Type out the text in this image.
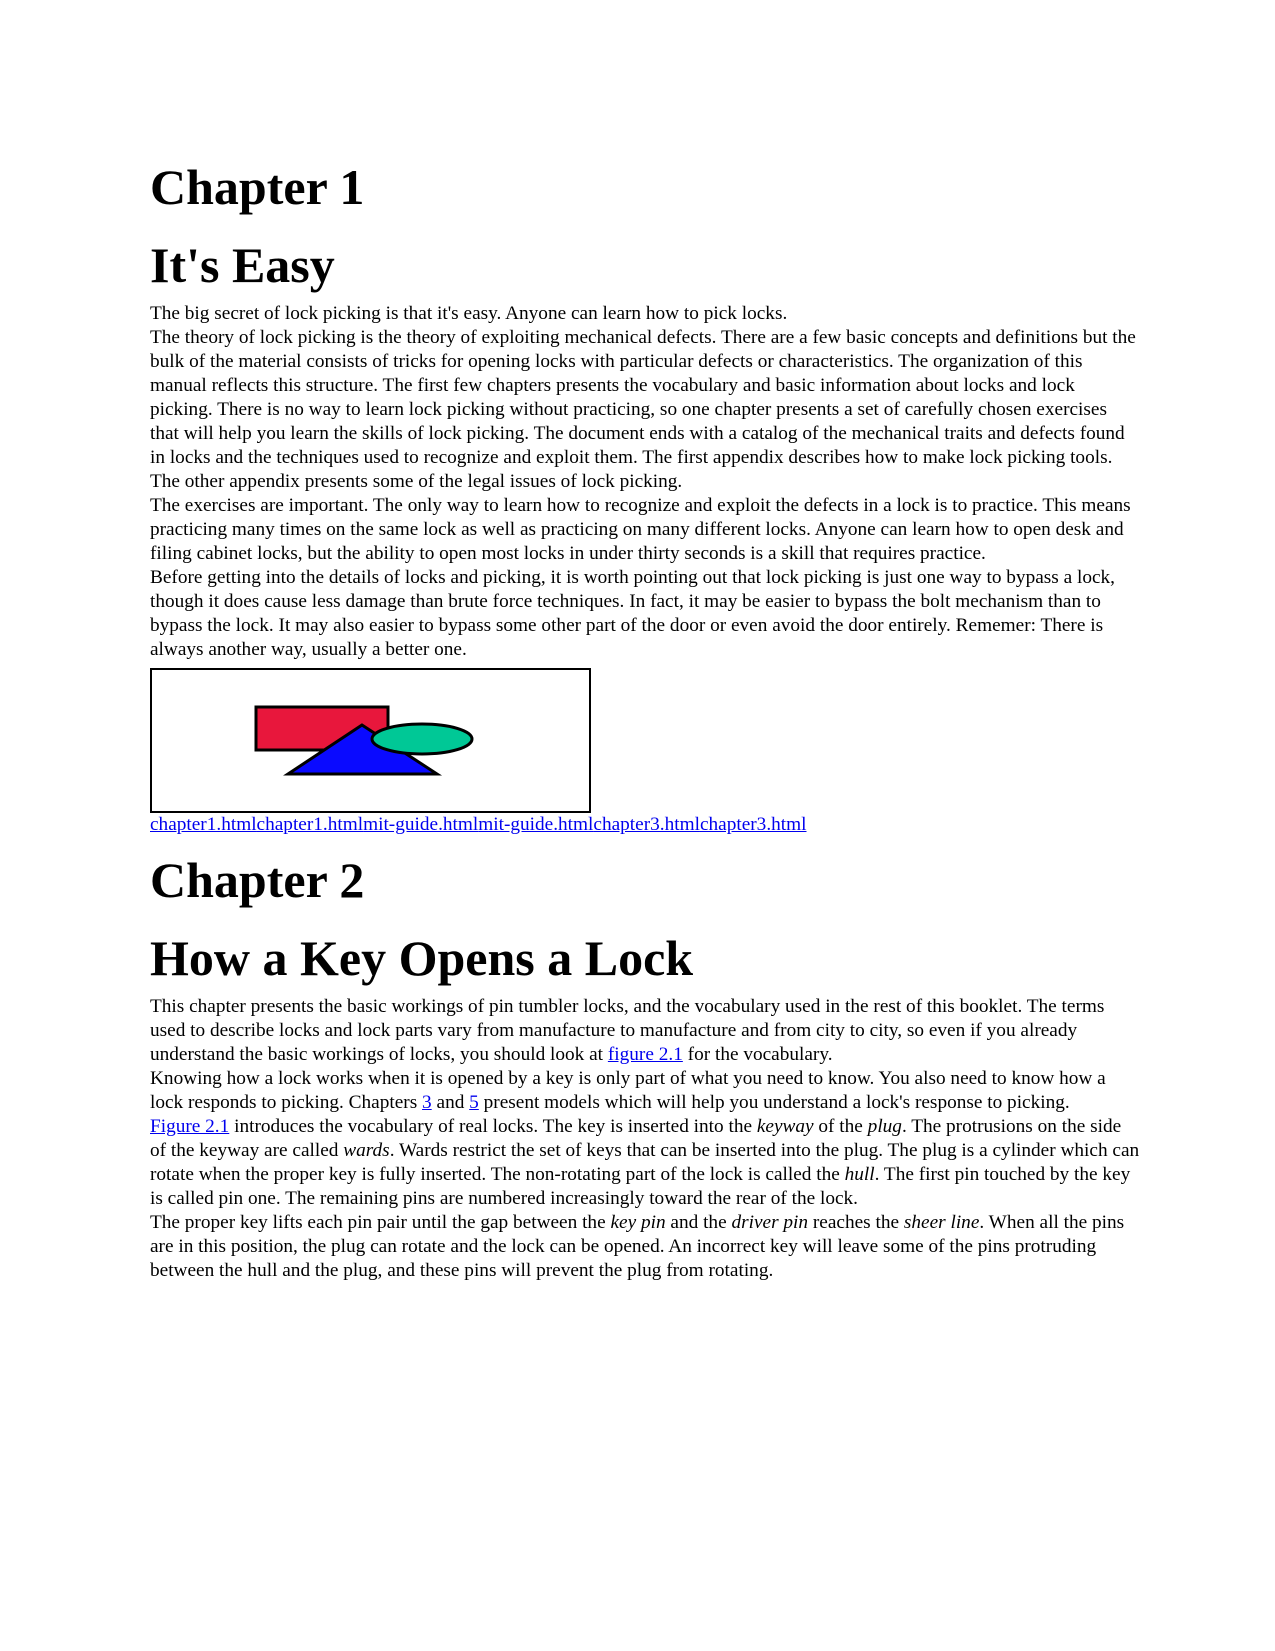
Chapter 1
It's Easy

The big secret of lock picking is that it's easy. Anyone can learn how to pick locks.

The theory of lock picking is the theory of exploiting mechanical defects. There are a few basic concepts and definitions but the bulk of the material consists of tricks for opening locks with particular defects or characteristics. The organization of this manual reflects this structure. The first few chapters presents the vocabulary and basic information about locks and lock picking. There is no way to learn lock picking without practicing, so one chapter presents a set of carefully chosen exercises that will help you learn the skills of lock picking. The document ends with a catalog of the mechanical traits and defects found in locks and the techniques used to recognize and exploit them. The first appendix describes how to make lock picking tools. The other appendix presents some of the legal issues of lock picking.

The exercises are important. The only way to learn how to recognize and exploit the defects in a lock is to practice. This means practicing many times on the same lock as well as practicing on many different locks. Anyone can learn how to open desk and filing cabinet locks, but the ability to open most locks in under thirty seconds is a skill that requires practice.

Before getting into the details of locks and picking, it is worth pointing out that lock picking is just one way to bypass a lock, though it does cause less damage than brute force techniques. In fact, it may be easier to bypass the bolt mechanism than to bypass the lock. It may also easier to bypass some other part of the door or even avoid the door entirely. Rememer: There is always another way, usually a better one.

chapter1.htmlchapter1.htmlmit-guide.htmlmit-guide.htmlchapter3.htmlchapter3.html
Chapter 2
How a Key Opens a Lock

This chapter presents the basic workings of pin tumbler locks, and the vocabulary used in the rest of this booklet. The terms used to describe locks and lock parts vary from manufacture to manufacture and from city to city, so even if you already understand the basic workings of locks, you should look at figure 2.1 for the vocabulary.

Knowing how a lock works when it is opened by a key is only part of what you need to know. You also need to know how a lock responds to picking. Chapters 3 and 5 present models which will help you understand a lock's response to picking.

Figure 2.1 introduces the vocabulary of real locks. The key is inserted into the keyway of the plug. The protrusions on the side of the keyway are called wards. Wards restrict the set of keys that can be inserted into the plug. The plug is a cylinder which can rotate when the proper key is fully inserted. The non-rotating part of the lock is called the hull. The first pin touched by the key is called pin one. The remaining pins are numbered increasingly toward the rear of the lock.

The proper key lifts each pin pair until the gap between the key pin and the driver pin reaches the sheer line. When all the pins are in this position, the plug can rotate and the lock can be opened. An incorrect key will leave some of the pins protruding between the hull and the plug, and these pins will prevent the plug from rotating.
